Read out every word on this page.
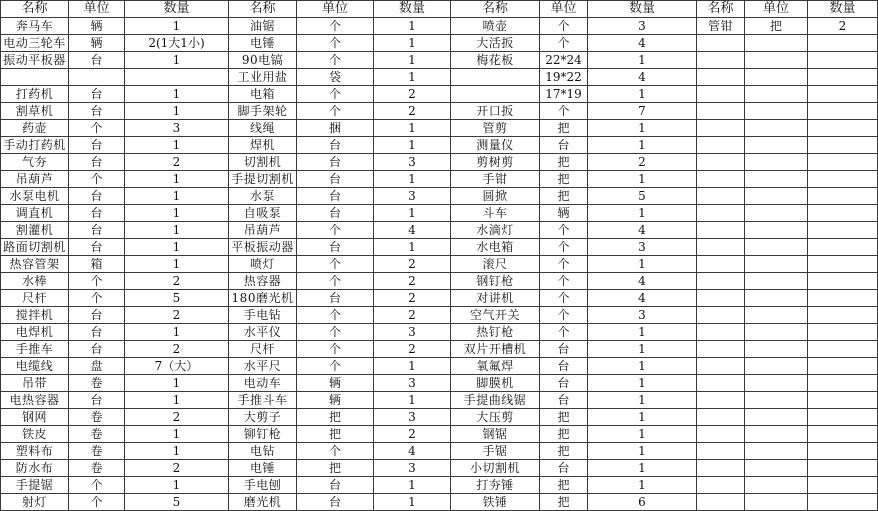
名称	单位	数量	名称	单位	数量	名称	单位	数量	名称	单位	数量
奔马车	辆	1	油锯	个	1	喷壶	个	3	管钳	把	2
电动三轮车	辆	2(1大1小)	电锤	个	1	大活扳	个	4			
振动平板器	台	1	90电镐	个	1	梅花板	22*24	1			
			工业用盐	袋	1		19*22	4			
打药机	台	1	电箱	个	2		17*19	1			
割草机	台	1	脚手架轮	个	2	开口扳	个	7			
药壶	个	3	线绳	捆	1	管剪	把	1			
手动打药机	台	1	焊机	台	1	测量仪	台	1			
气夯	台	2	切割机	台	3	剪树剪	把	2			
吊葫芦	个	1	手提切割机	台	1	手钳	把	1			
水泵电机	台	1	水泵	台	3	圆掀	把	5			
调直机	台	1	自吸泵	台	1	斗车	辆	1			
割灌机	台	1	吊葫芦	个	4	水滴灯	个	4			
路面切割机	台	1	平板振动器	台	1	水电箱	个	3			
热容管架	箱	1	喷灯	个	2	滚尺	个	1			
水棒	个	2	热容器	个	2	钢钉枪	个	4			
尺杆	个	5	180磨光机	台	2	对讲机	个	4			
搅拌机	台	2	手电钻	个	2	空气开关	个	3			
电焊机	台	1	水平仪	个	3	热钉枪	个	1			
手推车	台	2	尺杆	个	2	双片开槽机	台	1			
电缆线	盘	7（大）	水平尺	个	1	氧氟焊	台	1			
吊带	卷	1	电动车	辆	3	脚膜机	台	1			
电热容器	台	1	手推斗车	辆	1	手提曲线锯	台	1			
钢网	卷	2	大剪子	把	3	大压剪	把	1			
铁皮	卷	1	铆钉枪	把	2	钢锯	把	1			
塑料布	卷	1	电钻	个	4	手锯	把	1			
防水布	卷	2	电锤	把	3	小切割机	台	1			
手提锯	个	1	手电刨	台	1	打夯锤	把	1			
射灯	个	5	磨光机	台	1	铁锤	把	6			
